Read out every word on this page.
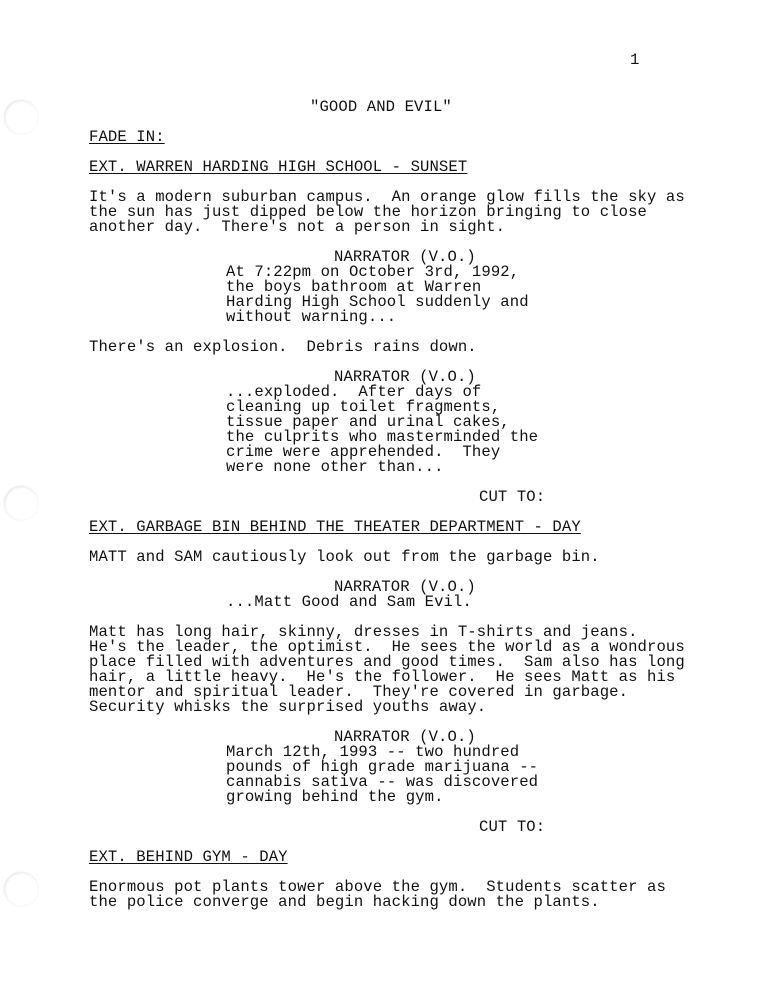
1
"GOOD AND EVIL"
FADE IN:
EXT. WARREN HARDING HIGH SCHOOL - SUNSET
It's a modern suburban campus.  An orange glow fills the sky as
the sun has just dipped below the horizon bringing to close
another day.  There's not a person in sight.
NARRATOR (V.O.)
At 7:22pm on October 3rd, 1992,
the boys bathroom at Warren
Harding High School suddenly and
without warning...
There's an explosion.  Debris rains down.
NARRATOR (V.O.)
...exploded.  After days of
cleaning up toilet fragments,
tissue paper and urinal cakes,
the culprits who masterminded the
crime were apprehended.  They
were none other than...
CUT TO:
EXT. GARBAGE BIN BEHIND THE THEATER DEPARTMENT - DAY
MATT and SAM cautiously look out from the garbage bin.
NARRATOR (V.O.)
...Matt Good and Sam Evil.
Matt has long hair, skinny, dresses in T-shirts and jeans.
He's the leader, the optimist.  He sees the world as a wondrous
place filled with adventures and good times.  Sam also has long
hair, a little heavy.  He's the follower.  He sees Matt as his
mentor and spiritual leader.  They're covered in garbage.
Security whisks the surprised youths away.
NARRATOR (V.O.)
March 12th, 1993 -- two hundred
pounds of high grade marijuana --
cannabis sativa -- was discovered
growing behind the gym.
CUT TO:
EXT. BEHIND GYM - DAY
Enormous pot plants tower above the gym.  Students scatter as
the police converge and begin hacking down the plants.
